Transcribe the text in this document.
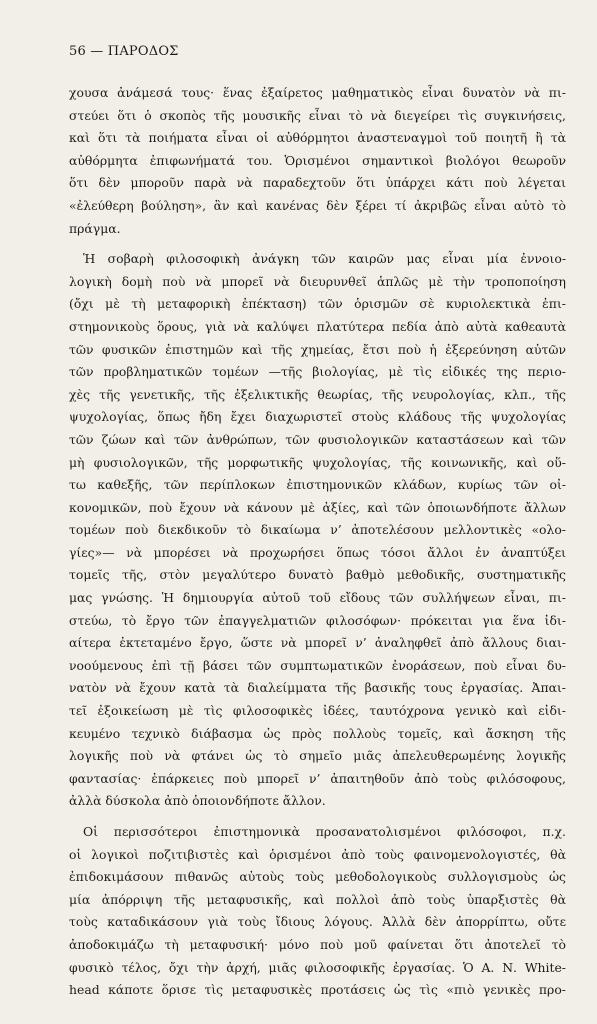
56 — ΠΑΡΟΔΟΣ
χουσα ἀνάμεσά τους· ἕνας ἐξαίρετος μαθηματικὸς εἶναι δυνατὸν νὰ πι-
στεύει ὅτι ὁ σκοπὸς τῆς μουσικῆς εἶναι τὸ νὰ διεγείρει τὶς συγκινήσεις,
καὶ ὅτι τὰ ποιήματα εἶναι οἱ αὐθόρμητοι ἀναστεναγμοὶ τοῦ ποιητῆ ἢ τὰ
αὐθόρμητα ἐπιφωνήματά του. Ὁρισμένοι σημαντικοὶ βιολόγοι θεωροῦν
ὅτι δὲν μποροῦν παρὰ νὰ παραδεχτοῦν ὅτι ὑπάρχει κάτι ποὺ λέγεται
«ἐλεύθερη βούληση», ἂν καὶ κανένας δὲν ξέρει τί ἀκριβῶς εἶναι αὐτὸ τὸ
πράγμα.
Ἡ σοβαρὴ φιλοσοφικὴ ἀνάγκη τῶν καιρῶν μας εἶναι μία ἐννοιο-
λογικὴ δομὴ ποὺ νὰ μπορεῖ νὰ διευρυνθεῖ ἁπλῶς μὲ τὴν τροποποίηση
(ὄχι μὲ τὴ μεταφορικὴ ἐπέκταση) τῶν ὁρισμῶν σὲ κυριολεκτικὰ ἐπι-
στημονικοὺς ὅρους, γιὰ νὰ καλύψει πλατύτερα πεδία ἀπὸ αὐτὰ καθεαυτὰ
τῶν φυσικῶν ἐπιστημῶν καὶ τῆς χημείας, ἔτσι ποὺ ἡ ἐξερεύνηση αὐτῶν
τῶν προβληματικῶν τομέων —τῆς βιολογίας, μὲ τὶς εἰδικές της περιο-
χὲς τῆς γενετικῆς, τῆς ἐξελικτικῆς θεωρίας, τῆς νευρολογίας, κλπ., τῆς
ψυχολογίας, ὅπως ἤδη ἔχει διαχωριστεῖ στοὺς κλάδους τῆς ψυχολογίας
τῶν ζώων καὶ τῶν ἀνθρώπων, τῶν φυσιολογικῶν καταστάσεων καὶ τῶν
μὴ φυσιολογικῶν, τῆς μορφωτικῆς ψυχολογίας, τῆς κοινωνικῆς, καὶ οὕ-
τω καθεξῆς, τῶν περίπλοκων ἐπιστημονικῶν κλάδων, κυρίως τῶν οἰ-
κονομικῶν, ποὺ ἔχουν νὰ κάνουν μὲ ἀξίες, καὶ τῶν ὁποιωνδήποτε ἄλλων
τομέων ποὺ διεκδικοῦν τὸ δικαίωμα ν’ ἀποτελέσουν μελλοντικὲς «ολο-
γίες»— νὰ μπορέσει νὰ προχωρήσει ὅπως τόσοι ἄλλοι ἐν ἀναπτύξει
τομεῖς τῆς, στὸν μεγαλύτερο δυνατὸ βαθμὸ μεθοδικῆς, συστηματικῆς
μας γνώσης. Ἡ δημιουργία αὐτοῦ τοῦ εἴδους τῶν συλλήψεων εἶναι, πι-
στεύω, τὸ ἔργο τῶν ἐπαγγελματιῶν φιλοσόφων· πρόκειται για ἕνα ἰδι-
αίτερα ἐκτεταμένο ἔργο, ὥστε νὰ μπορεῖ ν’ ἀναληφθεῖ ἀπὸ ἄλλους διαι-
νοούμενους ἐπὶ τῇ βάσει τῶν συμπτωματικῶν ἐνοράσεων, ποὺ εἶναι δυ-
νατὸν νὰ ἔχουν κατὰ τὰ διαλείμματα τῆς βασικῆς τους ἐργασίας. Ἀπαι-
τεῖ ἐξοικείωση μὲ τὶς φιλοσοφικὲς ἰδέες, ταυτόχρονα γενικὸ καὶ εἰδι-
κευμένο τεχνικὸ διάβασμα ὡς πρὸς πολλοὺς τομεῖς, καὶ ἄσκηση τῆς
λογικῆς ποὺ νὰ φτάνει ὡς τὸ σημεῖο μιᾶς ἀπελευθερωμένης λογικῆς
φαντασίας· ἐπάρκειες ποὺ μπορεῖ ν’ ἀπαιτηθοῦν ἀπὸ τοὺς φιλόσοφους,
ἀλλὰ δύσκολα ἀπὸ ὁποιονδήποτε ἄλλον.
Οἱ περισσότεροι ἐπιστημονικὰ προσανατολισμένοι φιλόσοφοι, π.χ.
οἱ λογικοὶ ποζιτιβιστὲς καὶ ὁρισμένοι ἀπὸ τοὺς φαινομενολογιστές, θὰ
ἐπιδοκιμάσουν πιθανῶς αὐτοὺς τοὺς μεθοδολογικοὺς συλλογισμοὺς ὡς
μία ἀπόρριψη τῆς μεταφυσικῆς, καὶ πολλοὶ ἀπὸ τοὺς ὑπαρξιστὲς θὰ
τοὺς καταδικάσουν γιὰ τοὺς ἴδιους λόγους. Ἀλλὰ δὲν ἀπορρίπτω, οὔτε
ἀποδοκιμάζω τὴ μεταφυσική· μόνο ποὺ μοῦ φαίνεται ὅτι ἀποτελεῖ τὸ
φυσικὸ τέλος, ὄχι τὴν ἀρχή, μιᾶς φιλοσοφικῆς ἐργασίας. Ὁ Α. Ν. White-
head κάποτε ὅρισε τὶς μεταφυσικὲς προτάσεις ὡς τὶς «πιὸ γενικὲς προ-
